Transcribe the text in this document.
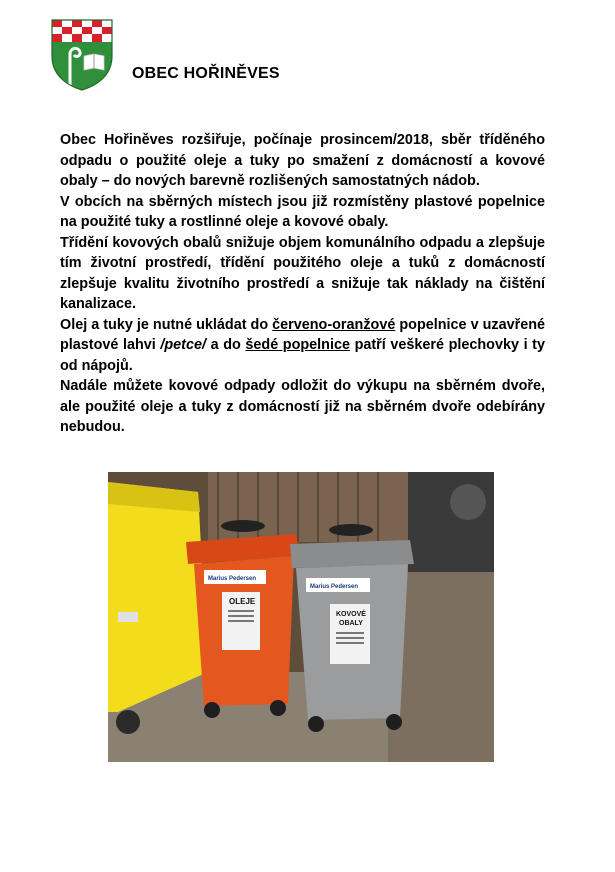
OBEC HOŘINĚVES

Obec Hořiněves rozšiřuje, počínaje prosincem/2018, sběr tříděného odpadu o použité oleje a tuky po smažení z domácností a kovové obaly – do nových barevně rozlišených samostatných nádob.

V obcích na sběrných místech jsou již rozmístěny plastové popelnice na použité tuky a rostlinné oleje a kovové obaly.

Třídění kovových obalů snižuje objem komunálního odpadu a zlepšuje tím životní prostředí, třídění použitého oleje a tuků z domácností zlepšuje kvalitu životního prostředí a snižuje tak náklady na čištění kanalizace.

Olej a tuky je nutné ukládat do červeno-oranžové popelnice v uzavřené plastové lahvi /petce/ a do šedé popelnice patří veškeré plechovky i ty od nápojů.

Nadále můžete kovové odpady odložit do výkupu na sběrném dvoře, ale použité oleje a tuky z domácností již na sběrném dvoře odebírány nebudou.

Marius Pedersen
OLEJE
Marius Pedersen
KOVOVÉ
OBALY
